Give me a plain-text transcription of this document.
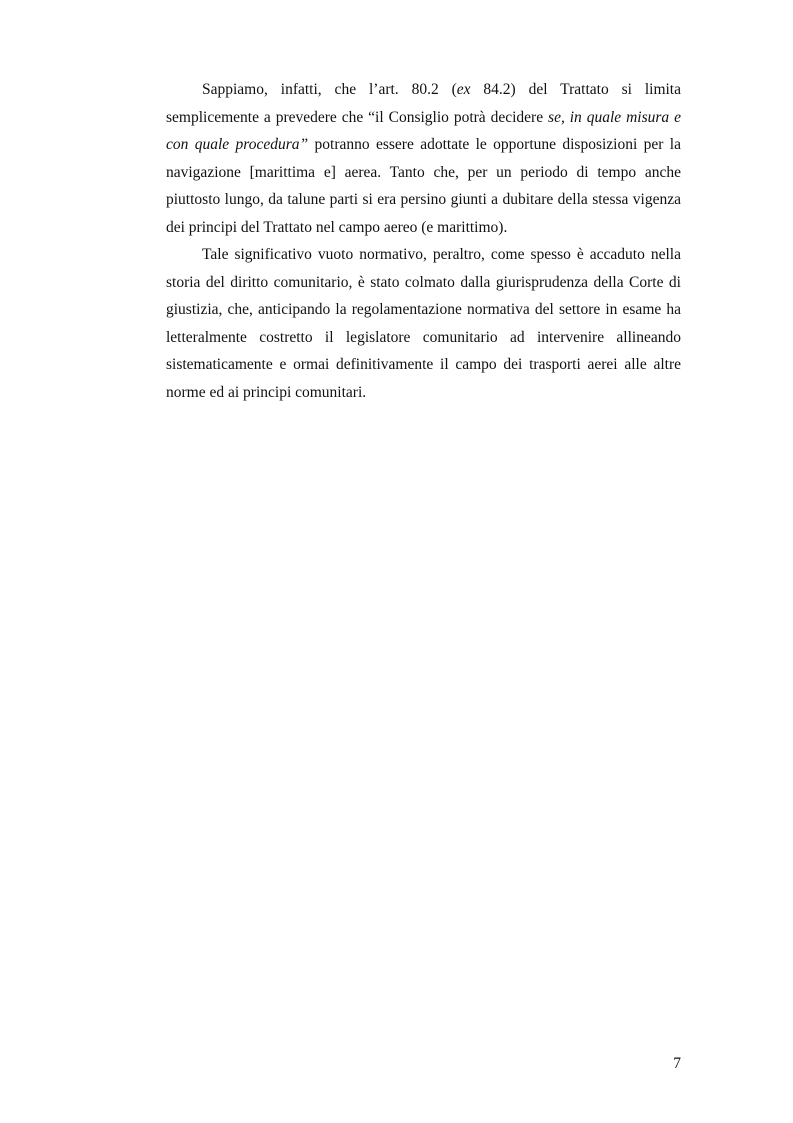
Sappiamo, infatti, che l’art. 80.2 (ex 84.2) del Trattato si limita semplicemente a prevedere che “il Consiglio potrà decidere se, in quale misura e con quale procedura” potranno essere adottate le opportune disposizioni per la navigazione [marittima e] aerea. Tanto che, per un periodo di tempo anche piuttosto lungo, da talune parti si era persino giunti a dubitare della stessa vigenza dei principi del Trattato nel campo aereo (e marittimo).

Tale significativo vuoto normativo, peraltro, come spesso è accaduto nella storia del diritto comunitario, è stato colmato dalla giurisprudenza della Corte di giustizia, che, anticipando la regolamentazione normativa del settore in esame ha letteralmente costretto il legislatore comunitario ad intervenire allineando sistematicamente e ormai definitivamente il campo dei trasporti aerei alle altre norme ed ai principi comunitari.

7
